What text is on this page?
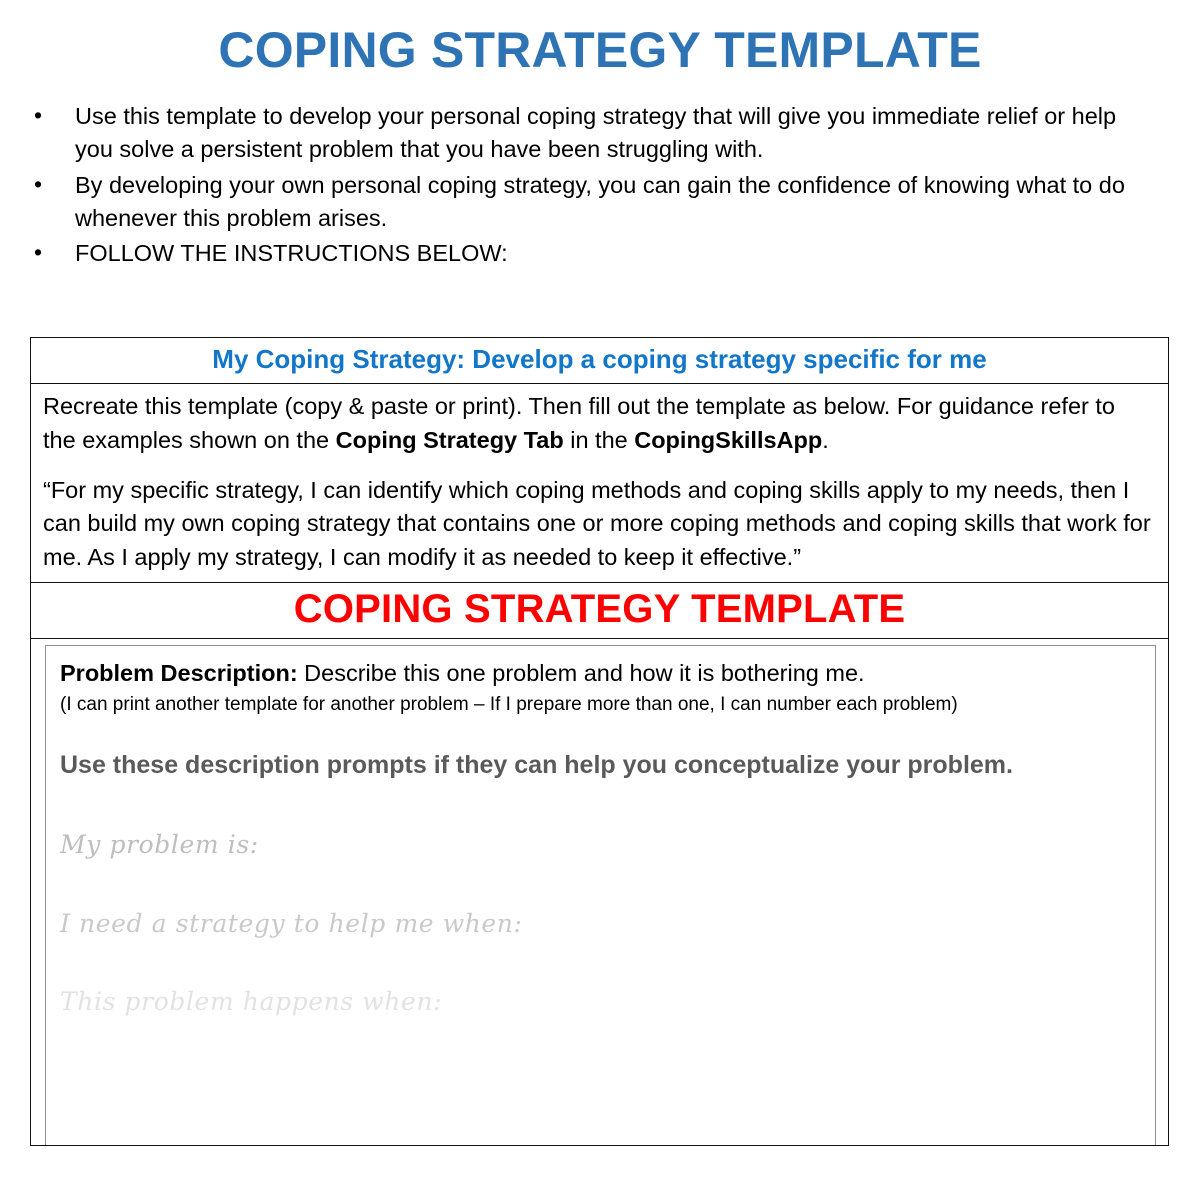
COPING STRATEGY TEMPLATE
• Use this template to develop your personal coping strategy that will give you immediate relief or help you solve a persistent problem that you have been struggling with.
• By developing your own personal coping strategy, you can gain the confidence of knowing what to do whenever this problem arises.
• FOLLOW THE INSTRUCTIONS BELOW:
My Coping Strategy: Develop a coping strategy specific for me

Recreate this template (copy & paste or print). Then fill out the template as below. For guidance refer to the examples shown on the Coping Strategy Tab in the CopingSkillsApp.

“For my specific strategy, I can identify which coping methods and coping skills apply to my needs, then I can build my own coping strategy that contains one or more coping methods and coping skills that work for me. As I apply my strategy, I can modify it as needed to keep it effective.”

COPING STRATEGY TEMPLATE

Problem Description: Describe this one problem and how it is bothering me.

(I can print another template for another problem – If I prepare more than one, I can number each problem)

Use these description prompts if they can help you conceptualize your problem.

My problem is:

I need a strategy to help me when:

This problem happens when:
